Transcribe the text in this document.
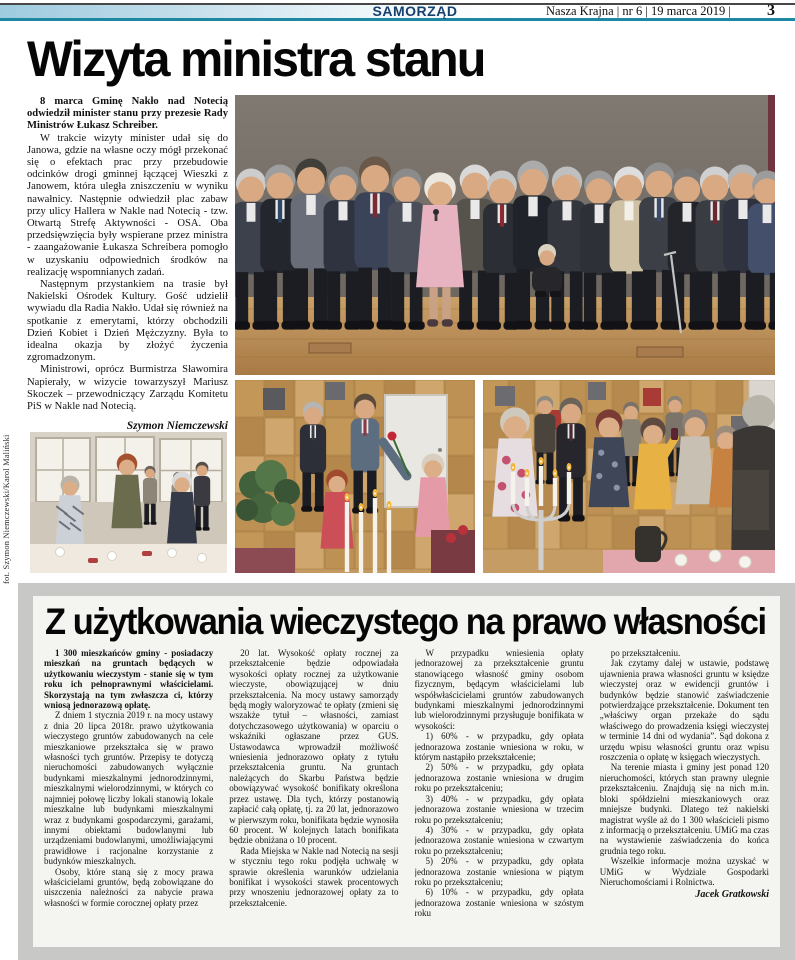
SAMORZĄD	Nasza Krajna | nr 6 | 19 marca 2019 | 3
Wizyta ministra stanu

8 marca Gminę Nakło nad Notecią odwiedził minister stanu przy prezesie Rady Ministrów Łukasz Schreiber.

W trakcie wizyty minister udał się do Janowa, gdzie na własne oczy mógł przekonać się o efektach prac przy przebudowie odcinków drogi gminnej łączącej Wieszki z Janowem, która uległa zniszczeniu w wyniku nawałnicy. Następnie odwiedził plac zabaw przy ulicy Hallera w Nakle nad Notecią - tzw. Otwartą Strefę Aktywności - OSA. Oba przedsięwzięcia były wspierane przez ministra - zaangażowanie Łukasza Schreibera pomogło w uzyskaniu odpowiednich środków na realizację wspomnianych zadań.

Następnym przystankiem na trasie był Nakielski Ośrodek Kultury. Gość udzielił wywiadu dla Radia Nakło. Udał się również na spotkanie z emerytami, którzy obchodzili Dzień Kobiet i Dzień Mężczyzny. Była to idealna okazja by złożyć życzenia zgromadzonym.

Ministrowi, oprócz Burmistrza Sławomira Napierały, w wizycie towarzyszył Mariusz Skoczek – przewodniczący Zarządu Komitetu PiS w Nakle nad Notecią.

Szymon Niemczewski
fot. Szymon Niemczewski/Karol Maliński
Z użytkowania wieczystego na prawo własności

1 300 mieszkańców gminy - posiadaczy mieszkań na gruntach będących w użytkowaniu wieczystym - stanie się w tym roku ich pełnoprawnymi właścicielami. Skorzystają na tym zwłaszcza ci, którzy wniosą jednorazową opłatę.

Z dniem 1 stycznia 2019 r. na mocy ustawy z dnia 20 lipca 2018r. prawo użytkowania wieczystego gruntów zabudowanych na cele mieszkaniowe przekształca się w prawo własności tych gruntów. Przepisy te dotyczą nieruchomości zabudowanych wyłącznie budynkami mieszkalnymi jednorodzinnymi, mieszkalnymi wielorodzinnymi, w których co najmniej połowę liczby lokali stanowią lokale mieszkalne lub budynkami mieszkalnymi wraz z budynkami gospodarczymi, garażami, innymi obiektami budowlanymi lub urządzeniami budowlanymi, umożliwiającymi prawidłowe i racjonalne korzystanie z budynków mieszkalnych.

Osoby, które staną się z mocy prawa właścicielami gruntów, będą zobowiązane do uiszczenia należności za nabycie prawa własności w formie corocznej opłaty przez

20 lat. Wysokość opłaty rocznej za przekształcenie będzie odpowiadała wysokości opłaty rocznej za użytkowanie wieczyste, obowiązującej w dniu przekształcenia. Na mocy ustawy samorządy będą mogły waloryzować te opłaty (zmieni się wszakże tytuł – własności, zamiast dotychczasowego użytkowania) w oparciu o wskaźniki ogłaszane przez GUS. Ustawodawca wprowadził możliwość wniesienia jednorazowo opłaty z tytułu przekształcenia gruntu. Na gruntach należących do Skarbu Państwa będzie obowiązywać wysokość bonifikaty określona przez ustawę. Dla tych, którzy postanowią zapłacić całą opłatę, tj. za 20 lat, jednorazowo w pierwszym roku, bonifikata będzie wynosiła 60 procent. W kolejnych latach bonifikata będzie obniżana o 10 procent.

Rada Miejska w Nakle nad Notecią na sesji w styczniu tego roku podjęła uchwałę w sprawie określenia warunków udzielania bonifikat i wysokości stawek procentowych przy wnoszeniu jednorazowej opłaty za to przekształcenie.

W przypadku wniesienia opłaty jednorazowej za przekształcenie gruntu stanowiącego własność gminy osobom fizycznym, będącym właścicielami lub współwłaścicielami gruntów zabudowanych budynkami mieszkalnymi jednorodzinnymi lub wielorodzinnymi przysługuje bonifikata w wysokości:

1) 60% - w przypadku, gdy opłata jednorazowa zostanie wniesiona w roku, w którym nastąpiło przekształcenie;

2) 50% - w przypadku, gdy opłata jednorazowa zostanie wniesiona w drugim roku po przekształceniu;

3) 40% - w przypadku, gdy opłata jednorazowa zostanie wniesiona w trzecim roku po przekształceniu;

4) 30% - w przypadku, gdy opłata jednorazowa zostanie wniesiona w czwartym roku po przekształceniu;

5) 20% - w przypadku, gdy opłata jednorazowa zostanie wniesiona w piątym roku po przekształceniu;

6) 10% - w przypadku, gdy opłata jednorazowa zostanie wniesiona w szóstym roku

po przekształceniu.

Jak czytamy dalej w ustawie, podstawę ujawnienia prawa własności gruntu w księdze wieczystej oraz w ewidencji gruntów i budynków będzie stanowić zaświadczenie potwierdzające przekształcenie. Dokument ten „właściwy organ przekaże do sądu właściwego do prowadzenia księgi wieczystej w terminie 14 dni od wydania”. Sąd dokona z urzędu wpisu własności gruntu oraz wpisu roszczenia o opłatę w księgach wieczystych.

Na terenie miasta i gminy jest ponad 120 nieruchomości, których stan prawny ulegnie przekształceniu. Znajdują się na nich m.in. bloki spółdzielni mieszkaniowych oraz mniejsze budynki. Dlatego też nakielski magistrat wyśle aż do 1 300 właścicieli pismo z informacją o przekształceniu. UMiG ma czas na wystawienie zaświadczenia do końca grudnia tego roku.

Wszelkie informacje można uzyskać w UMiG w Wydziale Gospodarki Nieruchomościami i Rolnictwa.

Jacek Gratkowski
